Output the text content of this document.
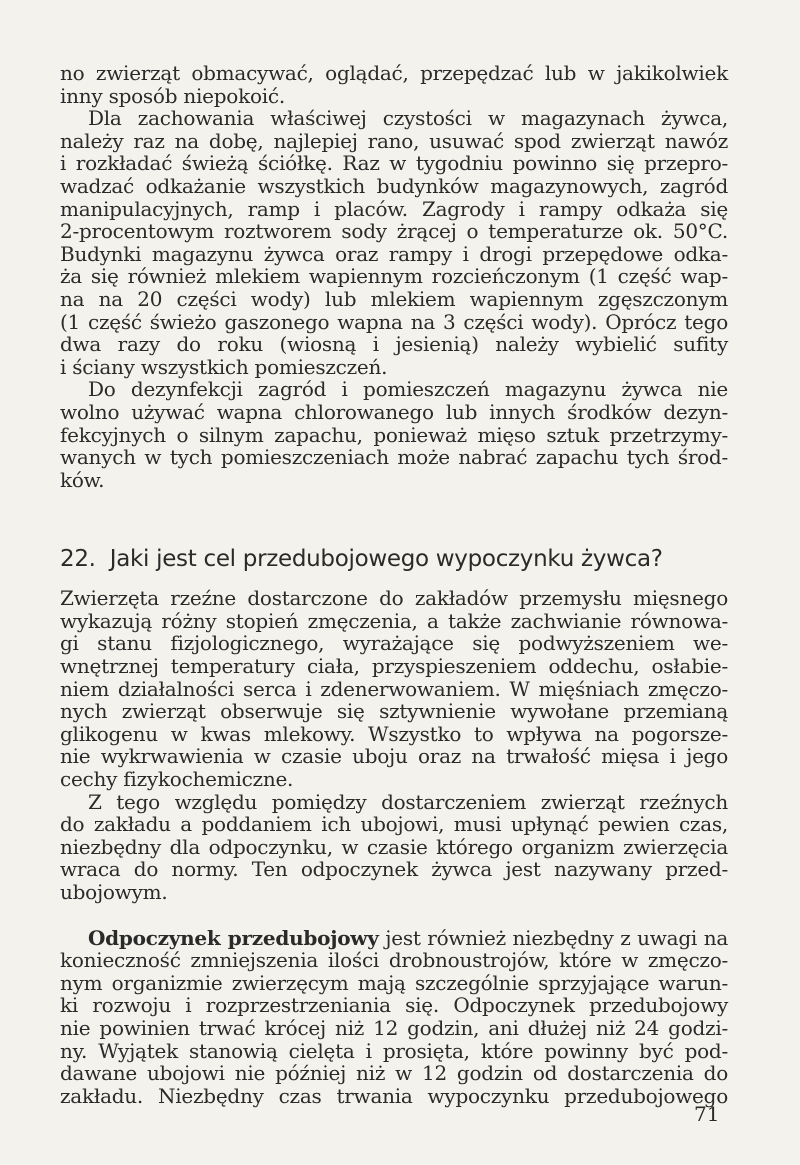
no zwierząt obmacywać, oglądać, przepędzać lub w jakikolwiek
inny sposób niepokoić.
Dla zachowania właściwej czystości w magazynach żywca,
należy raz na dobę, najlepiej rano, usuwać spod zwierząt nawóz
i rozkładać świeżą ściółkę. Raz w tygodniu powinno się przepro-
wadzać odkażanie wszystkich budynków magazynowych, zagród
manipulacyjnych, ramp i placów. Zagrody i rampy odkaża się
2-procentowym roztworem sody żrącej o temperaturze ok. 50°C.
Budynki magazynu żywca oraz rampy i drogi przepędowe odka-
ża się również mlekiem wapiennym rozcieńczonym (1 część wap-
na na 20 części wody) lub mlekiem wapiennym zgęszczonym
(1 część świeżo gaszonego wapna na 3 części wody). Oprócz tego
dwa razy do roku (wiosną i jesienią) należy wybielić sufity
i ściany wszystkich pomieszczeń.
Do dezynfekcji zagród i pomieszczeń magazynu żywca nie
wolno używać wapna chlorowanego lub innych środków dezyn-
fekcyjnych o silnym zapachu, ponieważ mięso sztuk przetrzymy-
wanych w tych pomieszczeniach może nabrać zapachu tych środ-
ków.
22. Jaki jest cel przedubojowego wypoczynku żywca?
Zwierzęta rzeźne dostarczone do zakładów przemysłu mięsnego
wykazują różny stopień zmęczenia, a także zachwianie równowa-
gi stanu fizjologicznego, wyrażające się podwyższeniem we-
wnętrznej temperatury ciała, przyspieszeniem oddechu, osłabie-
niem działalności serca i zdenerwowaniem. W mięśniach zmęczo-
nych zwierząt obserwuje się sztywnienie wywołane przemianą
glikogenu w kwas mlekowy. Wszystko to wpływa na pogorsze-
nie wykrwawienia w czasie uboju oraz na trwałość mięsa i jego
cechy fizykochemiczne.
Z tego względu pomiędzy dostarczeniem zwierząt rzeźnych
do zakładu a poddaniem ich ubojowi, musi upłynąć pewien czas,
niezbędny dla odpoczynku, w czasie którego organizm zwierzęcia
wraca do normy. Ten odpoczynek żywca jest nazywany przed-
ubojowym.
Odpoczynek przedubojowy jest również niezbędny z uwagi na
konieczność zmniejszenia ilości drobnoustrojów, które w zmęczo-
nym organizmie zwierzęcym mają szczególnie sprzyjające warun-
ki rozwoju i rozprzestrzeniania się. Odpoczynek przedubojowy
nie powinien trwać krócej niż 12 godzin, ani dłużej niż 24 godzi-
ny. Wyjątek stanowią cielęta i prosięta, które powinny być pod-
dawane ubojowi nie później niż w 12 godzin od dostarczenia do
zakładu. Niezbędny czas trwania wypoczynku przedubojowego
71
